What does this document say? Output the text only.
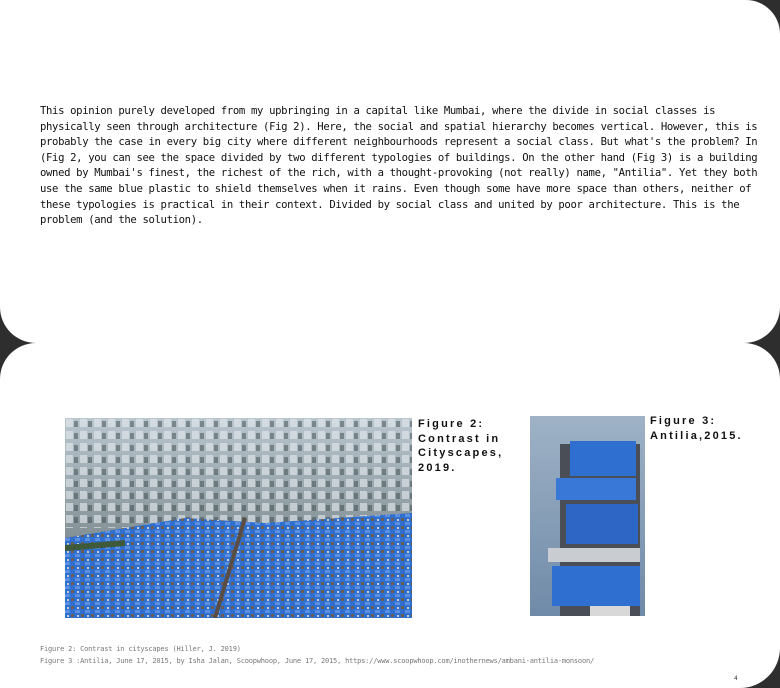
This opinion purely developed from my upbringing in a capital like Mumbai, where the divide in social classes is physically seen through architecture (Fig 2). Here, the social and spatial hierarchy becomes vertical. However, this is probably the case in every big city where different neighbourhoods represent a social class. But what's the problem? In (Fig 2, you can see the space divided by two different typologies of buildings. On the other hand (Fig 3) is a building owned by Mumbai's finest, the richest of the rich, with a thought-provoking (not really) name, "Antilia". Yet they both use the same blue plastic to shield themselves when it rains. Even though some have more space than others, neither of these typologies is practical in their context. Divided by social class and united by poor architecture. This is the problem (and the solution).
Figure 2: Contrast in Cityscapes, 2019.
Figure 3: Antilia,2015.
Figure 2: Contrast in cityscapes (Hiller, J. 2019)
Figure 3 :Antilia, June 17, 2015, by Isha Jalan, Scoopwhoop, June 17, 2015, https://www.scoopwhoop.com/inothernews/ambani-antilia-monsoon/
4
